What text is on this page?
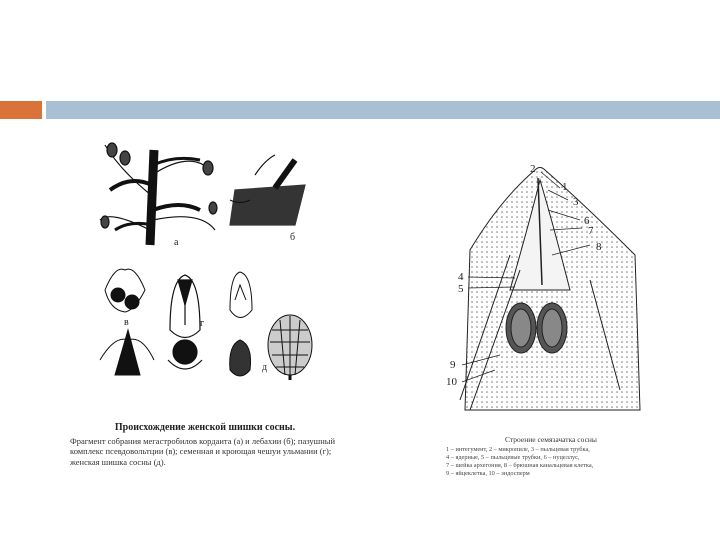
а	б
в	г
д
Происхождение женской шишки сосны.
Фрагмент собрания мегастробилов кордаита (а) и лебахии (б); пазушный комплекс псевдовольтции (в); семенная и кроющая чешуи ульмании (г); женская шишка сосны (д).
2
1
3
6
7
8
4
5
9
10
Строение семязачатка сосны
1 – интегумент, 2 – микропиле, 3 – пыльцевая трубка,
4 – ядерные, 5 – пыльцевые трубки, 6 – нуцеллус,
7 – шейка архегония, 8 – брюшная канальцевая клетка,
9 – яйцеклетка, 10 – эндосперм
